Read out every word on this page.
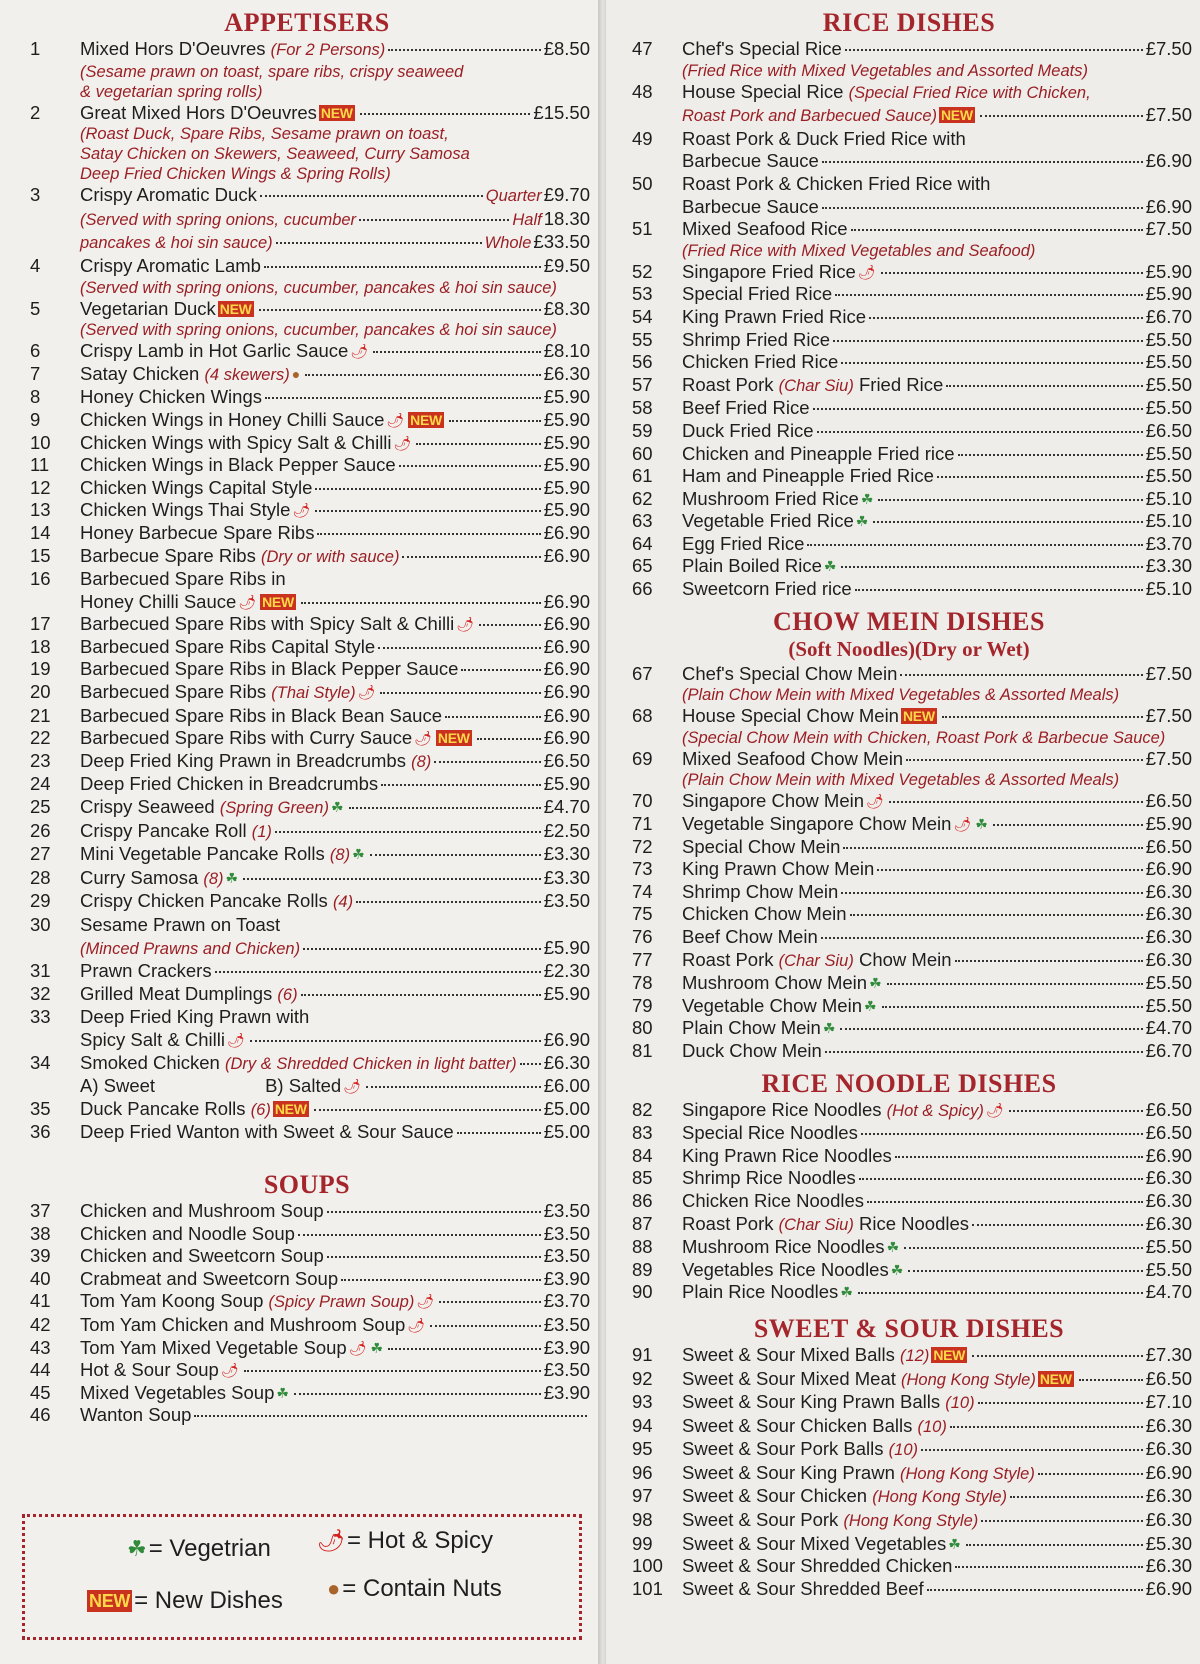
APPETISERS
1	Mixed Hors D'Oeuvres (For 2 Persons)	£8.50
(Sesame prawn on toast, spare ribs, crispy seaweed
& vegetarian spring rolls)
2	Great Mixed Hors D'Oeuvres NEW	£15.50
(Roast Duck, Spare Ribs, Sesame prawn on toast,
Satay Chicken on Skewers, Seaweed, Curry Samosa
Deep Fried Chicken Wings & Spring Rolls)
3	Crispy Aromatic Duck	Quarter £9.70
(Served with spring onions, cucumber	Half 18.30
pancakes & hoi sin sauce)	Whole £33.50
4	Crispy Aromatic Lamb	£9.50
(Served with spring onions, cucumber, pancakes & hoi sin sauce)
5	Vegetarian Duck NEW	£8.30
(Served with spring onions, cucumber, pancakes & hoi sin sauce)
6	Crispy Lamb in Hot Garlic Sauce 🌶	£8.10
7	Satay Chicken (4 skewers) ●	£6.30
8	Honey Chicken Wings	£5.90
9	Chicken Wings in Honey Chilli Sauce 🌶 NEW	£5.90
10	Chicken Wings with Spicy Salt & Chilli 🌶	£5.90
11	Chicken Wings in Black Pepper Sauce	£5.90
12	Chicken Wings Capital Style	£5.90
13	Chicken Wings Thai Style 🌶	£5.90
14	Honey Barbecue Spare Ribs	£6.90
15	Barbecue Spare Ribs (Dry or with sauce)	£6.90
16	Barbecued Spare Ribs in
Honey Chilli Sauce 🌶 NEW	£6.90
17	Barbecued Spare Ribs with Spicy Salt & Chilli 🌶	£6.90
18	Barbecued Spare Ribs Capital Style	£6.90
19	Barbecued Spare Ribs in Black Pepper Sauce	£6.90
20	Barbecued Spare Ribs (Thai Style) 🌶	£6.90
21	Barbecued Spare Ribs in Black Bean Sauce	£6.90
22	Barbecued Spare Ribs with Curry Sauce 🌶 NEW	£6.90
23	Deep Fried King Prawn in Breadcrumbs (8)	£6.50
24	Deep Fried Chicken in Breadcrumbs	£5.90
25	Crispy Seaweed (Spring Green) ☘	£4.70
26	Crispy Pancake Roll (1)	£2.50
27	Mini Vegetable Pancake Rolls (8) ☘	£3.30
28	Curry Samosa (8) ☘	£3.30
29	Crispy Chicken Pancake Rolls (4)	£3.50
30	Sesame Prawn on Toast
(Minced Prawns and Chicken)	£5.90
31	Prawn Crackers	£2.30
32	Grilled Meat Dumplings (6)	£5.90
33	Deep Fried King Prawn with
Spicy Salt & Chilli 🌶	£6.90
34	Smoked Chicken (Dry & Shredded Chicken in light batter) £6.30
A) Sweet	B) Salted 🌶	£6.00
35	Duck Pancake Rolls (6) NEW	£5.00
36	Deep Fried Wanton with Sweet & Sour Sauce	£5.00
SOUPS
37	Chicken and Mushroom Soup	£3.50
38	Chicken and Noodle Soup	£3.50
39	Chicken and Sweetcorn Soup	£3.50
40	Crabmeat and Sweetcorn Soup	£3.90
41	Tom Yam Koong Soup (Spicy Prawn Soup) 🌶	£3.70
42	Tom Yam Chicken and Mushroom Soup 🌶	£3.50
43	Tom Yam Mixed Vegetable Soup 🌶 ☘	£3.90
44	Hot & Sour Soup 🌶	£3.50
45	Mixed Vegetables Soup ☘	£3.90
46	Wanton Soup
RICE DISHES
47	Chef's Special Rice	£7.50
(Fried Rice with Mixed Vegetables and Assorted Meats)
48	House Special Rice (Special Fried Rice with Chicken,
Roast Pork and Barbecued Sauce) NEW	£7.50
49	Roast Pork & Duck Fried Rice with
Barbecue Sauce	£6.90
50	Roast Pork & Chicken Fried Rice with
Barbecue Sauce	£6.90
51	Mixed Seafood Rice	£7.50
(Fried Rice with Mixed Vegetables and Seafood)
52	Singapore Fried Rice 🌶	£5.90
53	Special Fried Rice	£5.90
54	King Prawn Fried Rice	£6.70
55	Shrimp Fried Rice	£5.50
56	Chicken Fried Rice	£5.50
57	Roast Pork (Char Siu) Fried Rice	£5.50
58	Beef Fried Rice	£5.50
59	Duck Fried Rice	£6.50
60	Chicken and Pineapple Fried rice	£5.50
61	Ham and Pineapple Fried Rice	£5.50
62	Mushroom Fried Rice ☘	£5.10
63	Vegetable Fried Rice ☘	£5.10
64	Egg Fried Rice	£3.70
65	Plain Boiled Rice ☘	£3.30
66	Sweetcorn Fried rice	£5.10
CHOW MEIN DISHES
(Soft Noodles)(Dry or Wet)
67	Chef's Special Chow Mein	£7.50
(Plain Chow Mein with Mixed Vegetables & Assorted Meals)
68	House Special Chow Mein NEW	£7.50
(Special Chow Mein with Chicken, Roast Pork & Barbecue Sauce)
69	Mixed Seafood Chow Mein	£7.50
(Plain Chow Mein with Mixed Vegetables & Assorted Meals)
70	Singapore Chow Mein 🌶	£6.50
71	Vegetable Singapore Chow Mein 🌶 ☘	£5.90
72	Special Chow Mein	£6.50
73	King Prawn Chow Mein	£6.90
74	Shrimp Chow Mein	£6.30
75	Chicken Chow Mein	£6.30
76	Beef Chow Mein	£6.30
77	Roast Pork (Char Siu) Chow Mein	£6.30
78	Mushroom Chow Mein ☘	£5.50
79	Vegetable Chow Mein ☘	£5.50
80	Plain Chow Mein ☘	£4.70
81	Duck Chow Mein	£6.70
RICE NOODLE DISHES
82	Singapore Rice Noodles (Hot & Spicy) 🌶	£6.50
83	Special Rice Noodles	£6.50
84	King Prawn Rice Noodles	£6.90
85	Shrimp Rice Noodles	£6.30
86	Chicken Rice Noodles	£6.30
87	Roast Pork (Char Siu) Rice Noodles	£6.30
88	Mushroom Rice Noodles ☘	£5.50
89	Vegetables Rice Noodles ☘	£5.50
90	Plain Rice Noodles ☘	£4.70
SWEET & SOUR DISHES
91	Sweet & Sour Mixed Balls (12) NEW	£7.30
92	Sweet & Sour Mixed Meat (Hong Kong Style) NEW	£6.50
93	Sweet & Sour King Prawn Balls (10)	£7.10
94	Sweet & Sour Chicken Balls (10)	£6.30
95	Sweet & Sour Pork Balls (10)	£6.30
96	Sweet & Sour King Prawn (Hong Kong Style)	£6.90
97	Sweet & Sour Chicken (Hong Kong Style)	£6.30
98	Sweet & Sour Pork (Hong Kong Style)	£6.30
99	Sweet & Sour Mixed Vegetables ☘	£5.30
100	Sweet & Sour Shredded Chicken	£6.30
101	Sweet & Sour Shredded Beef	£6.90
☘ = Vegetrian 🌶 = Hot & Spicy
NEW = New Dishes ● = Contain Nuts
